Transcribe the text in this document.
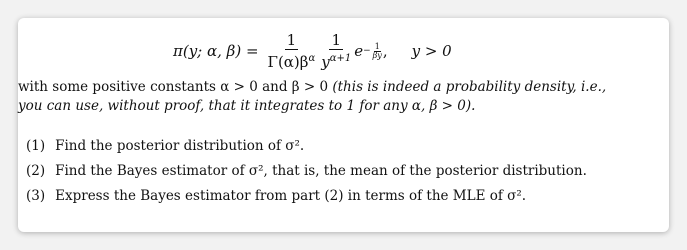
π(y; α, $\beta) = \frac{1}{\Gamma(\alpha)\beta^\alpha} \frac{1}{y^{\alpha+1}}$ $e - \frac{1}{\beta y}$ , y > 0
with some positive constants α > 0 and β > 0 (this is indeed a probability density, i.e., you can use, without proof, that it integrates to 1 for any α, β > 0).
(1) Find the posterior distribution of σ².
(2) Find the Bayes estimator of σ², that is, the mean of the posterior distribution.
(3) Express the Bayes estimator from part (2) in terms of the MLE of σ².
